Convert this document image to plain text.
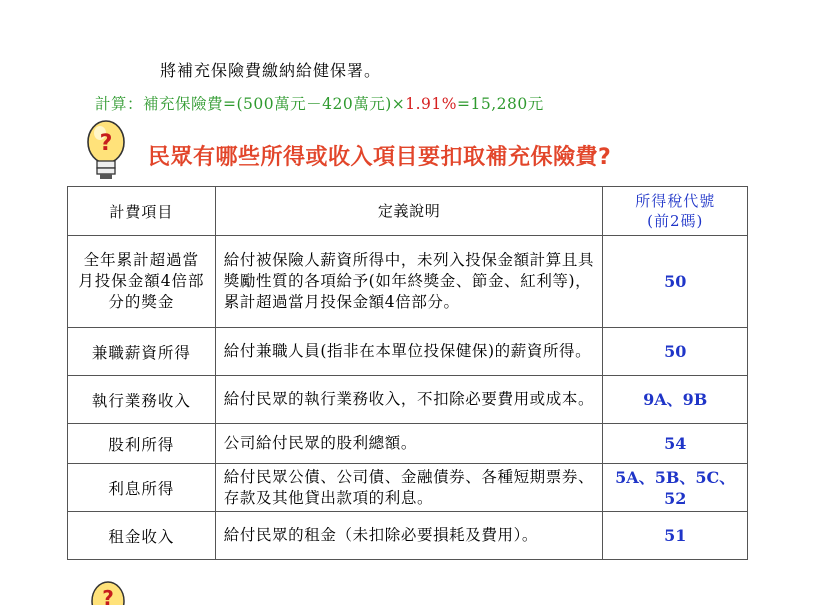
將補充保險費繳納給健保署。
計算：補充保險費=(500萬元－420萬元)×1.91%=15,280元
?
民眾有哪些所得或收入項目要扣取補充保險費?
計費項目	定義說明	所得稅代號
(前2碼)
全年累計超過當月投保金額4倍部分的獎金	給付被保險人薪資所得中，未列入投保金額計算且具獎勵性質的各項給予(如年終獎金、節金、紅利等)，累計超過當月投保金額4倍部分。	50
兼職薪資所得	給付兼職人員(指非在本單位投保健保)的薪資所得。	50
執行業務收入	給付民眾的執行業務收入，不扣除必要費用或成本。	9A、9B
股利所得	公司給付民眾的股利總額。	54
利息所得	給付民眾公債、公司債、金融債券、各種短期票券、存款及其他貸出款項的利息。	5A、5B、5C、52
租金收入	給付民眾的租金（未扣除必要損耗及費用）。	51
?
